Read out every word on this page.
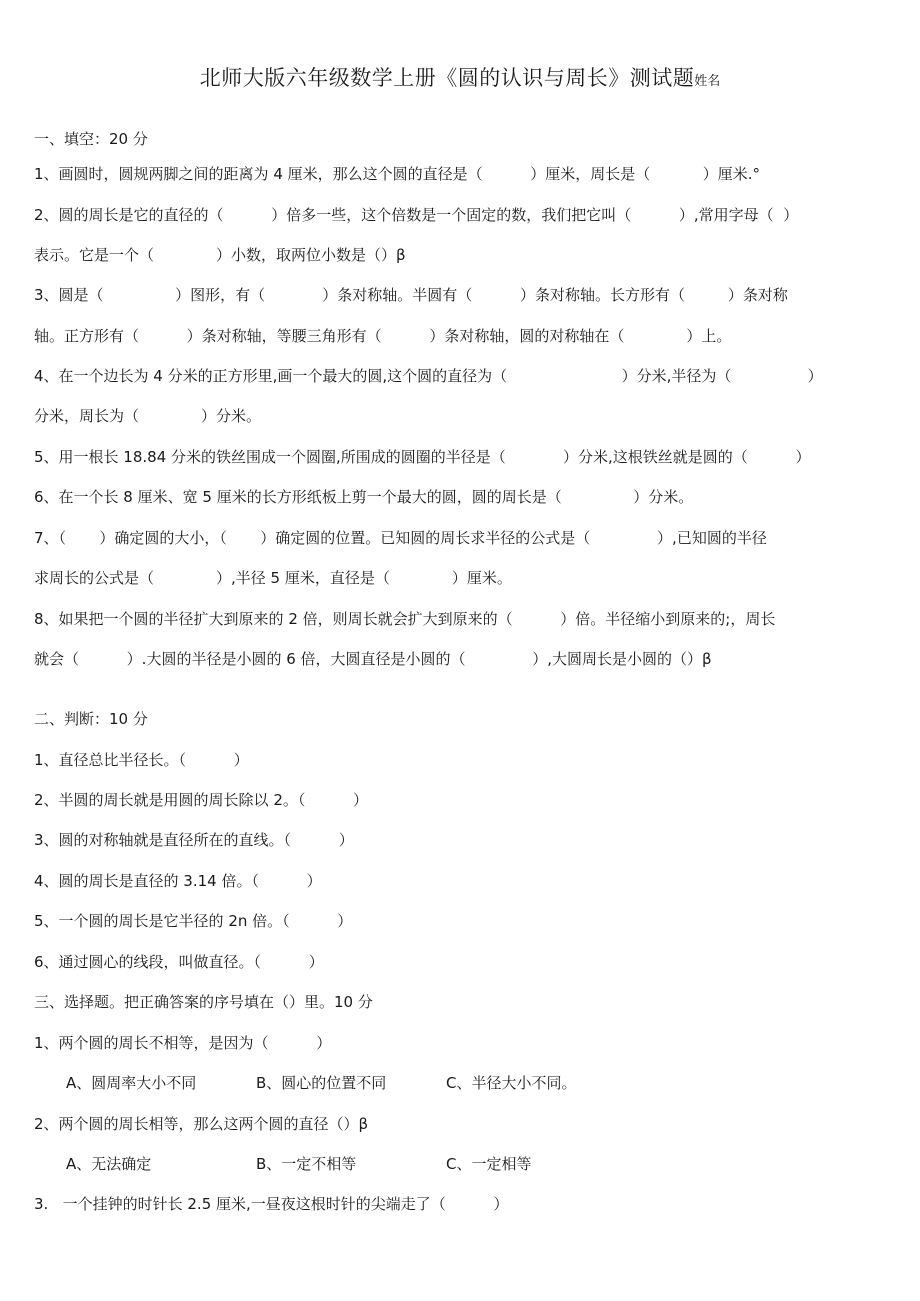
北师大版六年级数学上册《圆的认识与周长》测试题姓名
一、填空：20 分
1、画圆时，圆规两脚之间的距离为 4 厘米，那么这个圆的直径是（          ）厘米，周长是（           ）厘米.°
2、圆的周长是它的直径的（          ）倍多一些，这个倍数是一个固定的数，我们把它叫（          ）,常用字母（  ）
表示。它是一个（             ）小数，取两位小数是（）β
3、圆是（               ）图形，有（            ）条对称轴。半圆有（          ）条对称轴。长方形有（         ）条对称
轴。正方形有（          ）条对称轴，等腰三角形有（          ）条对称轴，圆的对称轴在（             ）上。
4、在一个边长为 4 分米的正方形里,画一个最大的圆,这个圆的直径为（                        ）分米,半径为（                ）
分米，周长为（             ）分米。
5、用一根长 18.84 分米的铁丝围成一个圆圈,所围成的圆圈的半径是（            ）分米,这根铁丝就是圆的（          ）
6、在一个长 8 厘米、宽 5 厘米的长方形纸板上剪一个最大的圆，圆的周长是（               ）分米。
7、（       ）确定圆的大小，（       ）确定圆的位置。已知圆的周长求半径的公式是（              ）,已知圆的半径
求周长的公式是（             ）,半径 5 厘米，直径是（             ）厘米。
8、如果把一个圆的半径扩大到原来的 2 倍，则周长就会扩大到原来的（          ）倍。半径缩小到原来的;，周长
就会（          ）.大圆的半径是小圆的 6 倍，大圆直径是小圆的（              ）,大圆周长是小圆的（）β
二、判断：10 分
1、直径总比半径长。（          ）
2、半圆的周长就是用圆的周长除以 2。（          ）
3、圆的对称轴就是直径所在的直线。（          ）
4、圆的周长是直径的 3.14 倍。（          ）
5、一个圆的周长是它半径的 2n 倍。（          ）
6、通过圆心的线段，叫做直径。（          ）
三、选择题。把正确答案的序号填在（）里。10 分
1、两个圆的周长不相等，是因为（          ）
A、圆周率大小不同	B、圆心的位置不同	C、半径大小不同。
2、两个圆的周长相等，那么这两个圆的直径（）β
A、无法确定	B、一定不相等	C、一定相等
3.   一个挂钟的时针长 2.5 厘米,一昼夜这根时针的尖端走了（          ）
